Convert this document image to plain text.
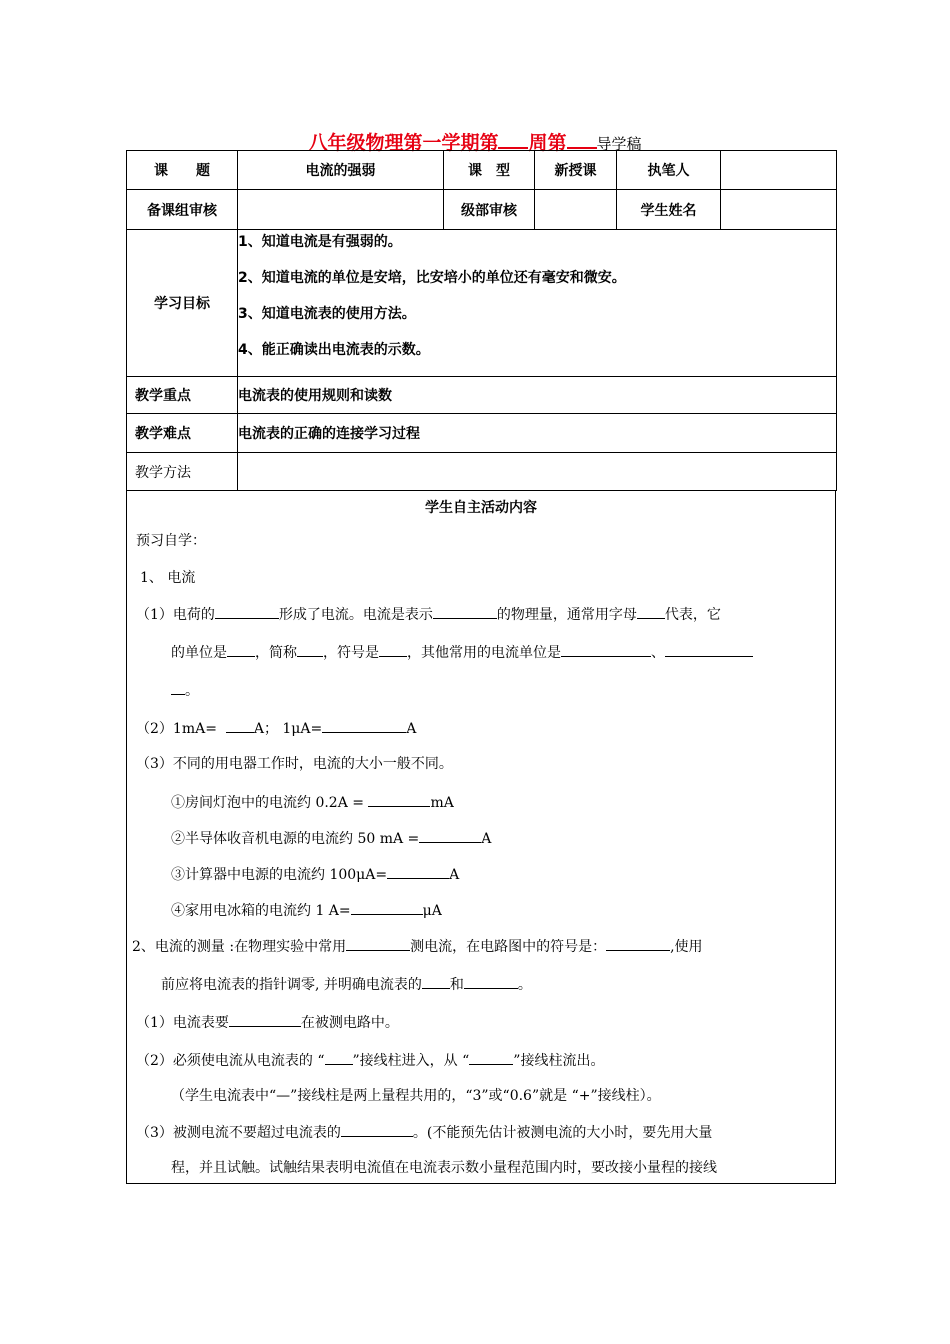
八年级物理第一学期第 周第 导学稿
课　　题	电流的强弱	课　型	新授课	执笔人	
备课组审核		级部审核		学生姓名	
学习目标	1、知道电流是有强弱的。
2、知道电流的单位是安培，比安培小的单位还有毫安和微安。
3、知道电流表的使用方法。
4、能正确读出电流表的示数。				

教学重点	电流表的使用规则和读数				
教学难点	电流表的正确的连接学习过程				
教学方法					
学生自主活动内容
预习自学：
1、 电流
（1）电荷的	形成了电流。电流是表示	的物理量，通常用字母 代表，它
的单位是 ，简称 ，符号是 ，其他常用的电流单位是	、
。
（2）1mA=	A； 1μA=	A
（3）不同的用电器工作时，电流的大小一般不同。
①房间灯泡中的电流约 0.2A =	mA
②半导体收音机电源的电流约 50 mA =	A
③计算器中电源的电流约 100μA=	A
④家用电冰箱的电流约 1 A=	μA
2、电流的测量 :在物理实验中常用	测电流，在电路图中的符号是：	,使用
前应将电流表的指针调零, 并明确电流表的 和	。
（1）电流表要	在被测电路中。
（2）必须使电流从电流表的 “ ”接线柱进入，从 “	”接线柱流出。
（学生电流表中“—”接线柱是两上量程共用的，“3”或“0.6”就是 “+”接线柱）。
（3）被测电流不要超过电流表的	。(不能预先估计被测电流的大小时，要先用大量
程，并且试触。试触结果表明电流值在电流表示数小量程范围内时，要改接小量程的接线
